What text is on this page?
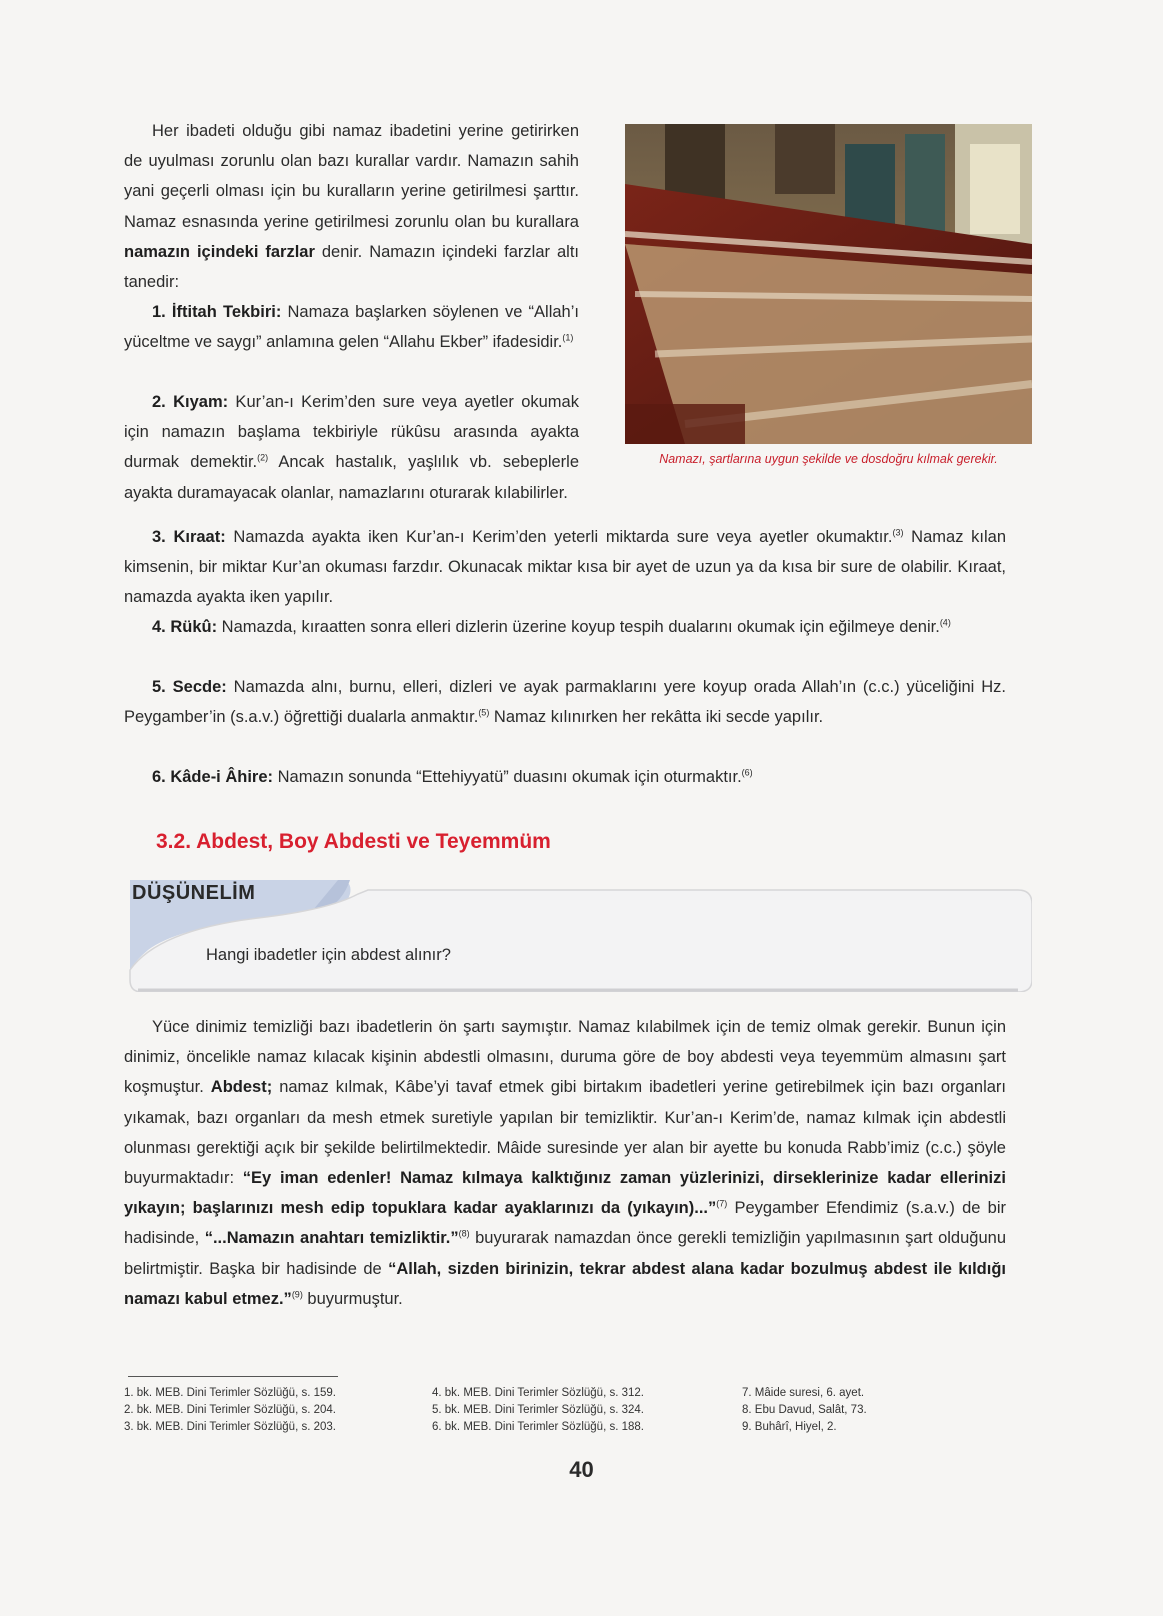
Her ibadeti olduğu gibi namaz ibadetini yerine getirirken de uyulması zorunlu olan bazı kurallar vardır. Namazın sahih yani geçerli olması için bu kuralların yerine getirilmesi şarttır. Namaz esnasında yerine getirilmesi zorunlu olan bu kurallara namazın içindeki farzlar denir. Namazın içindeki farzlar altı tanedir:

1. İftitah Tekbiri: Namaza başlarken söylenen ve “Allah’ı yüceltme ve saygı” anlamına gelen “Allahu Ekber” ifadesidir.$^{(1)}$

2. Kıyam: Kur’an-ı Kerim’den sure veya ayetler okumak için namazın başlama tekbiriyle rükûsu arasında ayakta durmak demektir.$^{(2)}$ Ancak hastalık, yaşlılık vb. sebeplerle ayakta duramayacak olanlar, namazlarını oturarak kılabilirler.

Namazı, şartlarına uygun şekilde ve dosdoğru kılmak gerekir.

3. Kıraat: Namazda ayakta iken Kur’an-ı Kerim’den yeterli miktarda sure veya ayetler okumaktır.$^{(3)}$ Namaz kılan kimsenin, bir miktar Kur’an okuması farzdır. Okunacak miktar kısa bir ayet de uzun ya da kısa bir sure de olabilir. Kıraat, namazda ayakta iken yapılır.

4. Rükû: Namazda, kıraatten sonra elleri dizlerin üzerine koyup tespih dualarını okumak için eğilmeye denir.$^{(4)}$

5. Secde: Namazda alnı, burnu, elleri, dizleri ve ayak parmaklarını yere koyup orada Allah’ın (c.c.) yüceliğini Hz. Peygamber’in (s.a.v.) öğrettiği dualarla anmaktır.$^{(5)}$ Namaz kılınırken her rekâtta iki secde yapılır.

6. Kâde-i Âhire: Namazın sonunda “Ettehiyyatü” duasını okumak için oturmaktır.$^{(6)}$

3.2. Abdest, Boy Abdesti ve Teyemmüm
DÜŞÜNELİM

Hangi ibadetler için abdest alınır?

Yüce dinimiz temizliği bazı ibadetlerin ön şartı saymıştır. Namaz kılabilmek için de temiz olmak gerekir. Bunun için dinimiz, öncelikle namaz kılacak kişinin abdestli olmasını, duruma göre de boy abdesti veya teyemmüm almasını şart koşmuştur. Abdest; namaz kılmak, Kâbe’yi tavaf etmek gibi birtakım ibadetleri yerine getirebilmek için bazı organları yıkamak, bazı organları da mesh etmek suretiyle yapılan bir temizliktir. Kur’an-ı Kerim’de, namaz kılmak için abdestli olunması gerektiği açık bir şekilde belirtilmektedir. Mâide suresinde yer alan bir ayette bu konuda Rabb’imiz (c.c.) şöyle buyurmaktadır: “Ey iman edenler! Namaz kılmaya kalktığınız zaman yüzlerinizi, dirseklerinize kadar ellerinizi yıkayın; başlarınızı mesh edip topuklara kadar ayaklarınızı da (yıkayın)...”$^{(7)}$ Peygamber Efendimiz (s.a.v.) de bir hadisinde, “...Namazın anahtarı temizliktir.”$^{(8)}$ buyurarak namazdan önce gerekli temizliğin yapılmasının şart olduğunu belirtmiştir. Başka bir hadisinde de “Allah, sizden birinizin, tekrar abdest alana kadar bozulmuş abdest ile kıldığı namazı kabul etmez.”$^{(9)}$ buyurmuştur.

1. bk. MEB. Dini Terimler Sözlüğü, s. 159.
2. bk. MEB. Dini Terimler Sözlüğü, s. 204.
3. bk. MEB. Dini Terimler Sözlüğü, s. 203.
4. bk. MEB. Dini Terimler Sözlüğü, s. 312.
5. bk. MEB. Dini Terimler Sözlüğü, s. 324.
6. bk. MEB. Dini Terimler Sözlüğü, s. 188.
7. Mâide suresi, 6. ayet.
8. Ebu Davud, Salât, 73.
9. Buhârî, Hiyel, 2.

40
